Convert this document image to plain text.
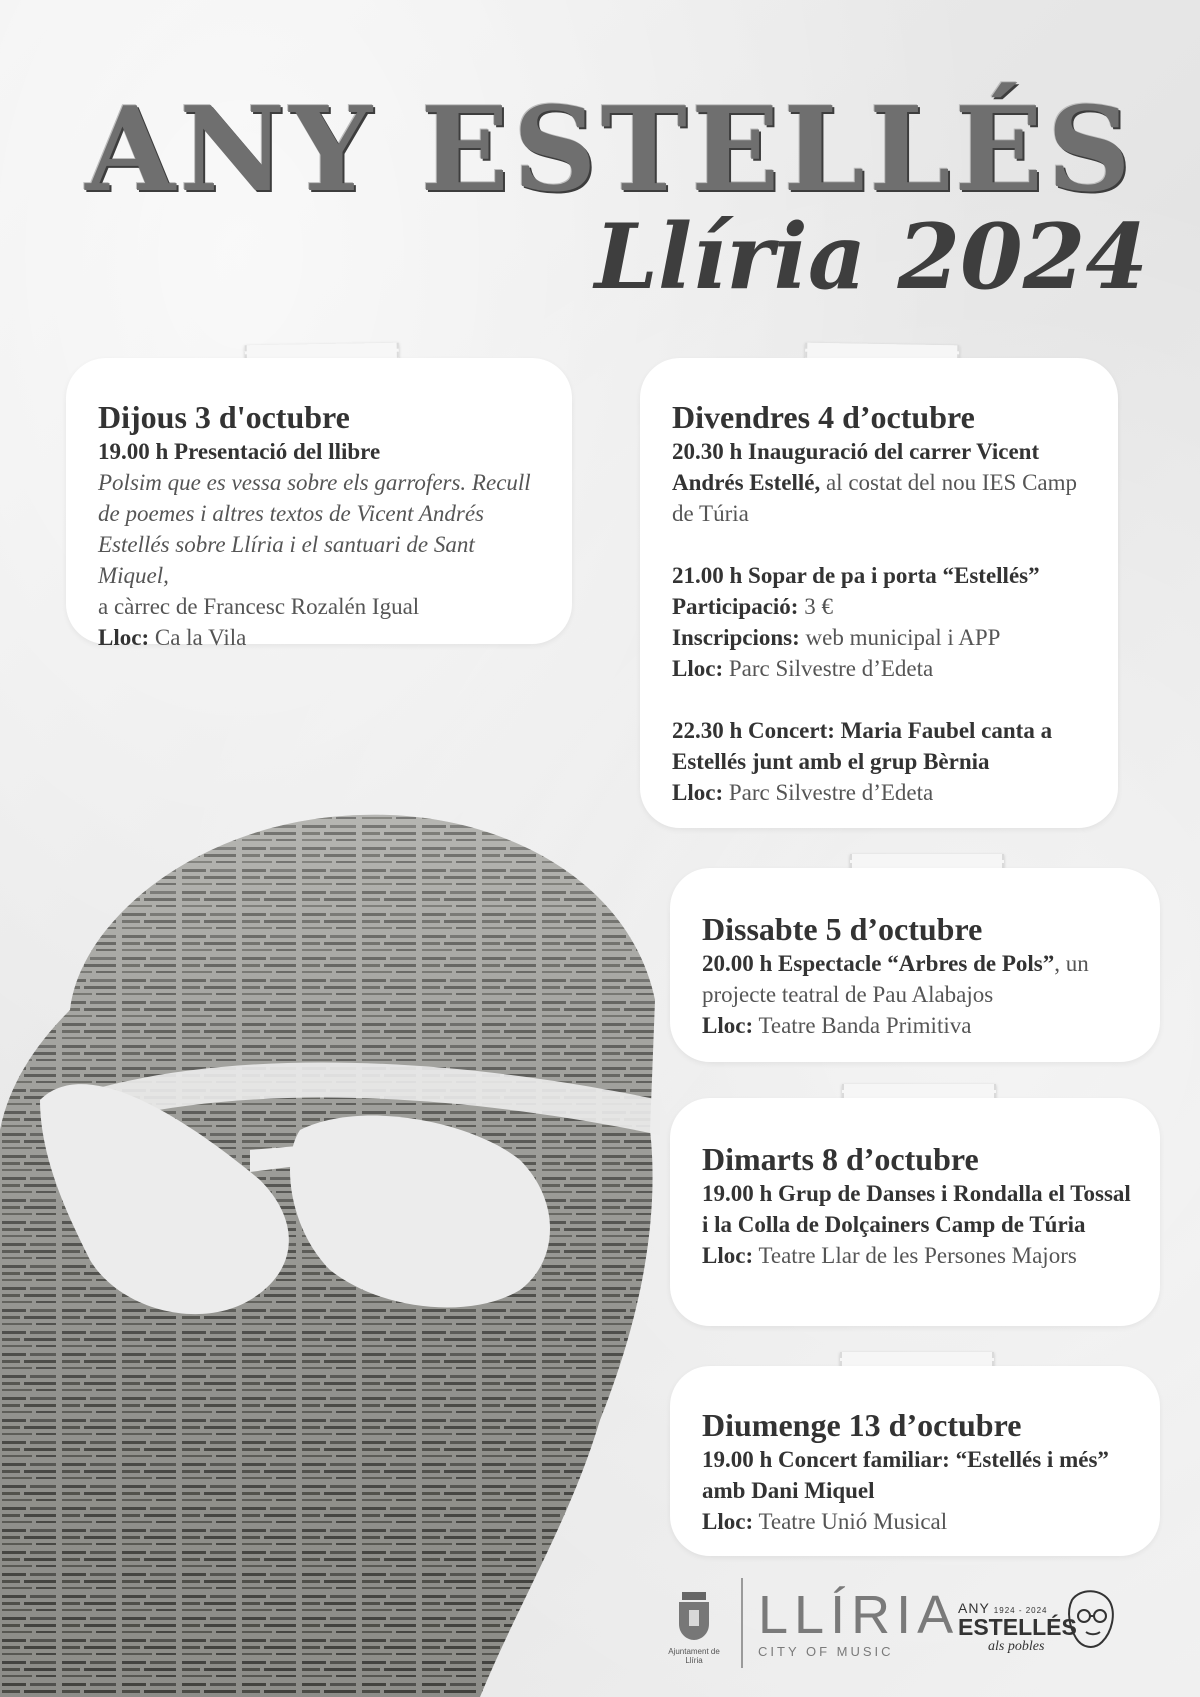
ANY ESTELLÉS
Llíria 2024
Dijous 3 d'octubre

19.00 h Presentació del llibre

Polsim que es vessa sobre els garrofers. Recull de poemes i altres textos de Vicent Andrés Estellés sobre Llíria i el santuari de Sant Miquel,

a càrrec de Francesc Rozalén Igual

Lloc: Ca la Vila

Divendres 4 d’octubre

20.30 h Inauguració del carrer Vicent Andrés Estellé, al costat del nou IES Camp de Túria

21.00 h Sopar de pa i porta “Estellés”

Participació: 3 €

Inscripcions: web municipal i APP

Lloc: Parc Silvestre d’Edeta

22.30 h Concert: Maria Faubel canta a Estellés junt amb el grup Bèrnia

Lloc: Parc Silvestre d’Edeta

Dissabte 5 d’octubre

20.00 h Espectacle “Arbres de Pols”, un projecte teatral de Pau Alabajos

Lloc: Teatre Banda Primitiva

Dimarts 8 d’octubre

19.00 h Grup de Danses i Rondalla el Tossal i la Colla de Dolçainers Camp de Túria

Lloc: Teatre Llar de les Persones Majors

Diumenge 13 d’octubre

19.00 h Concert familiar: “Estellés i més” amb Dani Miquel

Lloc: Teatre Unió Musical

Ajuntament de Llíria
LLÍRIA
CITY OF MUSIC
ANY 1924 - 2024
ESTELLÉS
als pobles
